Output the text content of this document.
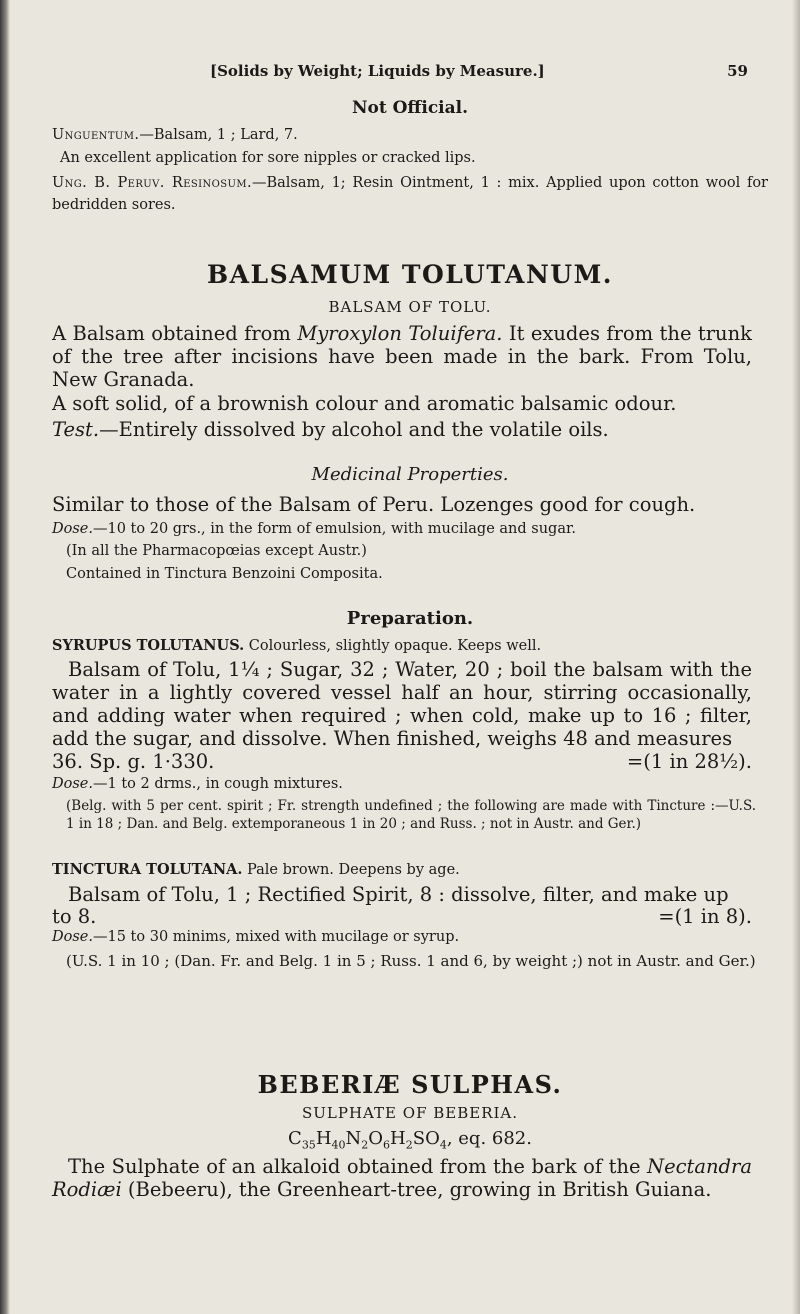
[Solids by Weight; Liquids by Measure.]	59

Not Official.

Unguentum.—Balsam, 1 ; Lard, 7.

An excellent application for sore nipples or cracked lips.

Ung. B. Peruv. Resinosum.—Balsam, 1; Resin Ointment, 1 : mix. Applied upon cotton wool for bedridden sores.

BALSAMUM TOLUTANUM.

BALSAM OF TOLU.

A Balsam obtained from Myroxylon Toluifera. It exudes from the trunk of the tree after incisions have been made in the bark. From Tolu, New Granada.

A soft solid, of a brownish colour and aromatic balsamic odour.

Test.—Entirely dissolved by alcohol and the volatile oils.

Medicinal Properties.

Similar to those of the Balsam of Peru. Lozenges good for cough.

Dose.—10 to 20 grs., in the form of emulsion, with mucilage and sugar.

(In all the Pharmacopœias except Austr.)

Contained in Tinctura Benzoini Composita.

Preparation.

SYRUPUS TOLUTANUS. Colourless, slightly opaque. Keeps well.

Balsam of Tolu, 1¼ ; Sugar, 32 ; Water, 20 ; boil the balsam with the water in a lightly covered vessel half an hour, stirring occasionally, and adding water when required ; when cold, make up to 16 ; filter, add the sugar, and dissolve. When finished, weighs 48 and measures

36. Sp. g. 1·330.	=(1 in 28½).

Dose.—1 to 2 drms., in cough mixtures.

(Belg. with 5 per cent. spirit ; Fr. strength undefined ; the following are made with Tincture :—U.S. 1 in 18 ; Dan. and Belg. extemporaneous 1 in 20 ; and Russ. ; not in Austr. and Ger.)

TINCTURA TOLUTANA. Pale brown. Deepens by age.

Balsam of Tolu, 1 ; Rectified Spirit, 8 : dissolve, filter, and make up

to 8.	=(1 in 8).

Dose.—15 to 30 minims, mixed with mucilage or syrup.

(U.S. 1 in 10 ; (Dan. Fr. and Belg. 1 in 5 ; Russ. 1 and 6, by weight ;) not in Austr. and Ger.)

BEBERIÆ SULPHAS.

SULPHATE OF BEBERIA.

$C_{35}H_{40}N_2O_6H_2SO_4$, eq. 682.

The Sulphate of an alkaloid obtained from the bark of the Nectandra Rodiæi (Bebeeru), the Greenheart-tree, growing in British Guiana.
